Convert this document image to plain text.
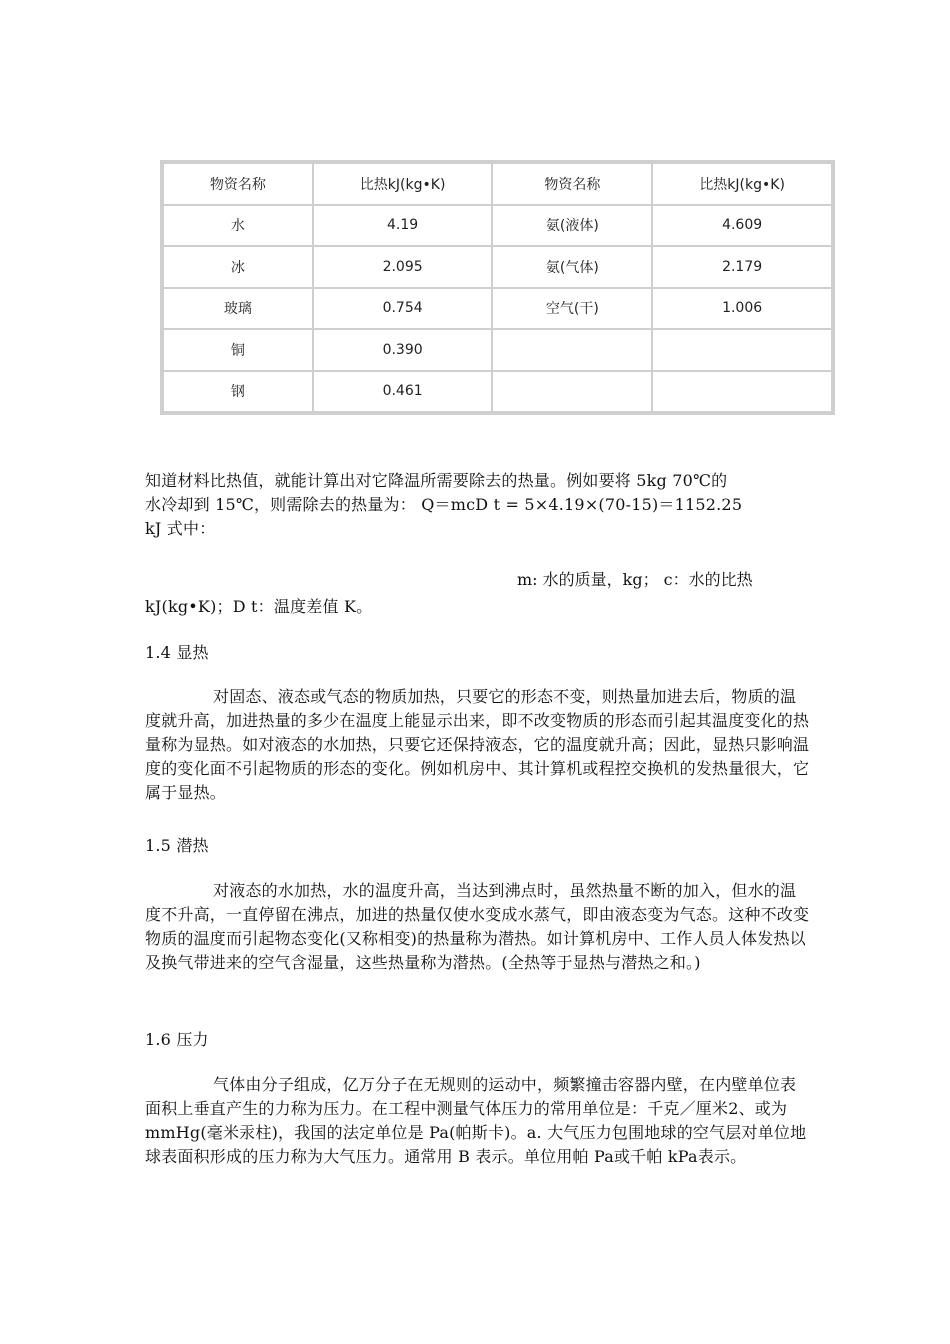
物资名称	比热kJ(kg•K)	物资名称	比热kJ(kg•K)
水	4.19	氨(液体)	4.609
冰	2.095	氨(气体)	2.179
玻璃	0.754	空气(干)	1.006
铜	0.390		
钢	0.461		
知道材料比热值，就能计算出对它降温所需要除去的热量。例如要将 5kg 70℃的
水冷却到 15℃，则需除去的热量为： Q＝mcD t = 5×4.19×(70-15)＝1152.25
kJ 式中：
m: 水的质量，kg； c：水的比热
kJ(kg•K)；D t：温度差值 K。
1.4 显热

对固态、液态或气态的物质加热，只要它的形态不变，则热量加进去后，物质的温度就升高，加进热量的多少在温度上能显示出来，即不改变物质的形态而引起其温度变化的热量称为显热。如对液态的水加热，只要它还保持液态，它的温度就升高；因此，显热只影响温度的变化面不引起物质的形态的变化。例如机房中、其计算机或程控交换机的发热量很大，它属于显热。

1.5 潜热

对液态的水加热，水的温度升高，当达到沸点时，虽然热量不断的加入，但水的温度不升高，一直停留在沸点，加进的热量仅使水变成水蒸气，即由液态变为气态。这种不改变物质的温度而引起物态变化(又称相变)的热量称为潜热。如计算机房中、工作人员人体发热以及换气带进来的空气含湿量，这些热量称为潜热。(全热等于显热与潜热之和。)

1.6 压力

气体由分子组成，亿万分子在无规则的运动中，频繁撞击容器内壁，在内壁单位表面积上垂直产生的力称为压力。在工程中测量气体压力的常用单位是：千克／厘米2、或为mmHg(毫米汞柱)，我国的法定单位是 Pa(帕斯卡)。a. 大气压力包围地球的空气层对单位地球表面积形成的压力称为大气压力。通常用 B 表示。单位用帕 Pa或千帕 kPa表示。
